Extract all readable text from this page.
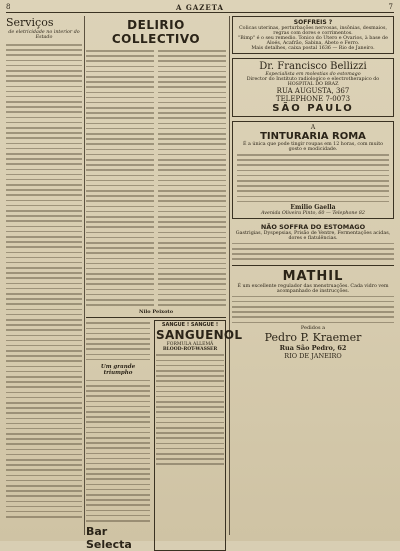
8	A GAZETA	7
Serviços
de eletricidade no interior do Estado
DELIRIO COLLECTIVO
Nilo Peixoto
Um grande triumpho
Bar Selecta
SANGUE ! SANGUE !
SANGUENOL
FORMULA ALLEMÃ
BLOOD-ROT-WASSER
SOFFREIS ?
Colicas uterinas, perturbações nervosas, insônias, desmaios, regras com dores e corrimentos.
"Bimp" é o seu remedio. Tonico do Utero e Ovarios, à base de Aloés, Acafrão, Sabina, Abeto e Ferro.
Mais detalhes, caixa postal 1636 — Rio de Janeiro.
Dr. Francisco Bellizzi
Especialista em molestias do estomago
Director do Instituto radiologico e electrotherapico do HOSPITAL DO BRAZ
RUA AUGUSTA, 367
TELEPHONE 7-0073
SÃO PAULO
A
TINTURARIA ROMA
É a única que pode tingir roupas em 12 horas, com muito gosto e modicidade.
Emilio Gaella
Avenida Oliveira Pinto, 60 — Telephone 82
NÃO SOFFRA DO ESTOMAGO
Gastrigias, Dyspepsias, Prisão de Ventre, Fermentações acidas, dores e flatulências.
MATHIL
É um excellente regulador das menstruações. Cada vidro vem acompanhado de instrucções.
Pedidos a
Pedro P. Kraemer
Rua São Pedro, 62
RIO DE JANEIRO
